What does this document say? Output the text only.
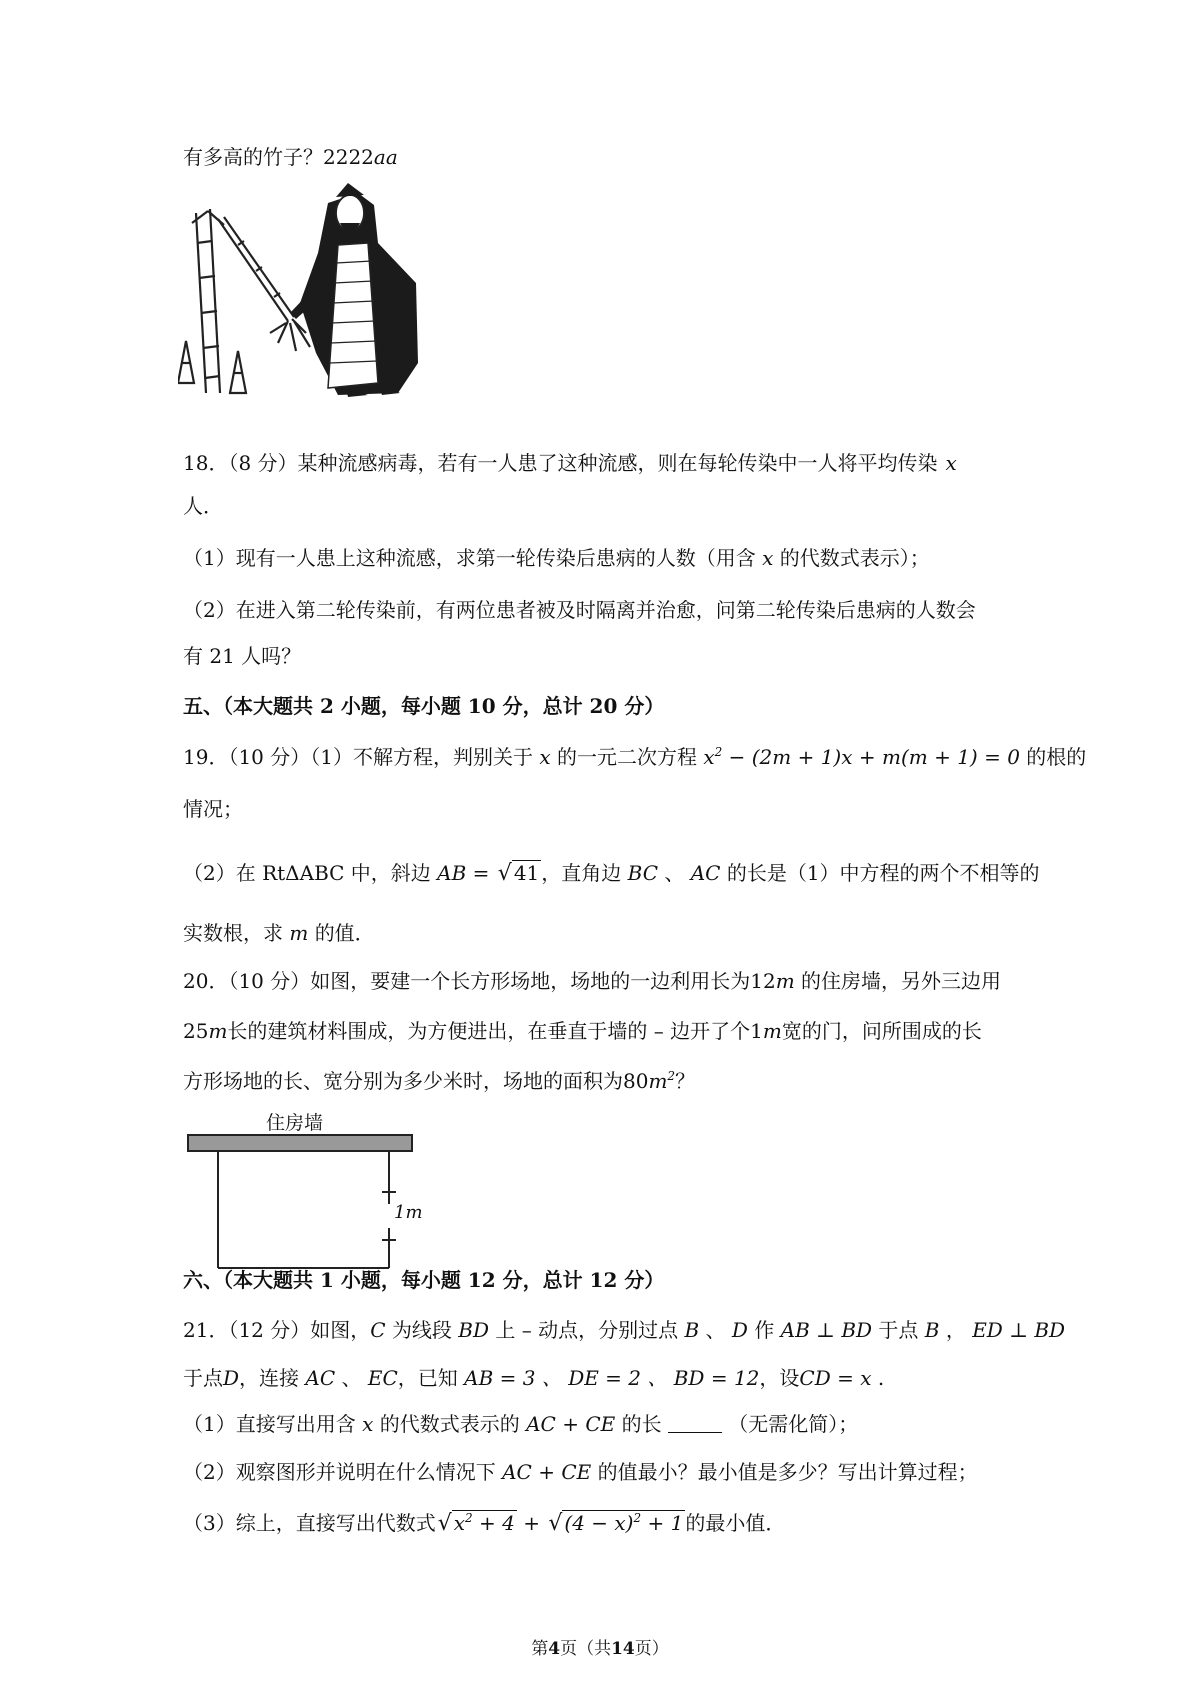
有多高的竹子？2222aa
18．（8 分）某种流感病毒，若有一人患了这种流感，则在每轮传染中一人将平均传染 x
人．
（1）现有一人患上这种流感，求第一轮传染后患病的人数（用含 x 的代数式表示）；
（2）在进入第二轮传染前，有两位患者被及时隔离并治愈，问第二轮传染后患病的人数会
有 21 人吗？
五、（本大题共 2 小题，每小题 10 分，总计 20 分）
19．（10 分）（1）不解方程，判别关于 x 的一元二次方程 $x^2 - (2m + 1)x + m(m + 1) = 0$ 的根的
情况；
（2）在 RtΔABC 中，斜边 AB = √ 41 ，直角边 BC 、 AC 的长是（1）中方程的两个不相等的
实数根，求 m 的值．
20．（10 分）如图，要建一个长方形场地，场地的一边利用长为12m 的住房墙，另外三边用
25m长的建筑材料围成，为方便进出，在垂直于墙的 – 边开了个1m宽的门，问所围成的长
方形场地的长、宽分别为多少米时，场地的面积为$80m^2$？
住房墙
1m
六、（本大题共 1 小题，每小题 12 分，总计 12 分）
21．（12 分）如图，C 为线段 BD 上 – 动点，分别过点 B 、 D 作 AB ⊥ BD 于点 B ， ED ⊥ BD
于点D，连接 AC 、 EC，已知 AB = 3 、 DE = 2 、 BD = 12，设CD = x .
（1）直接写出用含 x 的代数式表示的 AC + CE 的长	（无需化简）；
（2）观察图形并说明在什么情况下 AC + CE 的值最小？最小值是多少？写出计算过程；
（3）综上，直接写出代数式√ $x^2 + 4$ + √ $(4 - x)^2 + 1$ 的最小值．
第4页（共14页）
